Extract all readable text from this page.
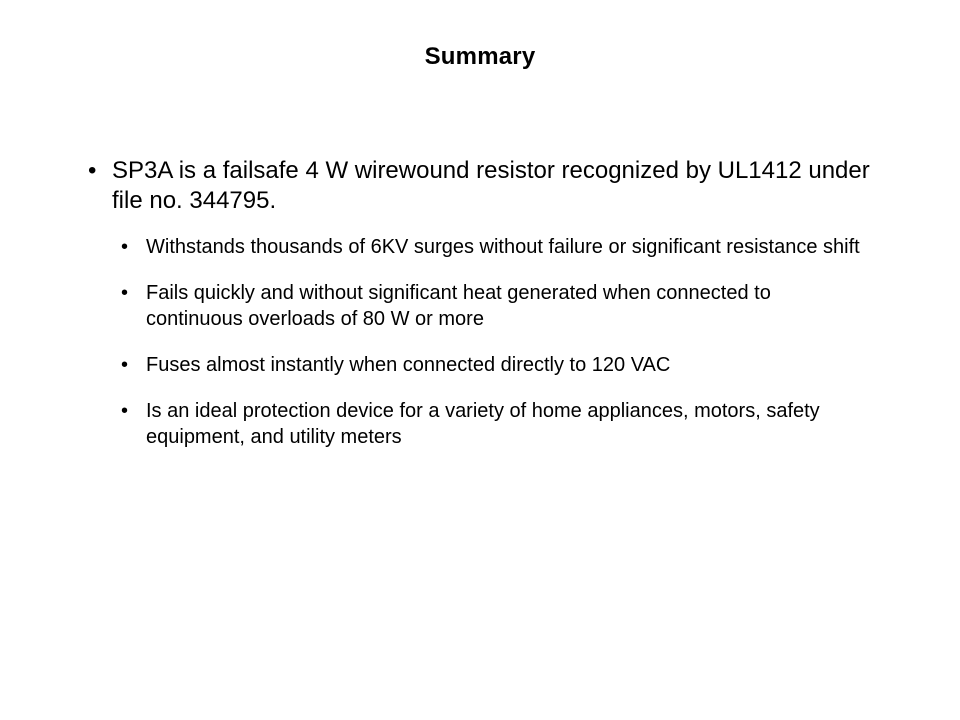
Summary
• SP3A is a failsafe 4 W wirewound resistor recognized by UL1412 under file no. 344795.
• Withstands thousands of 6KV surges without failure or significant resistance shift
• Fails quickly and without significant heat generated when connected to continuous overloads of 80 W or more
• Fuses almost instantly when connected directly to 120 VAC
• Is an ideal protection device for a variety of home appliances, motors, safety equipment, and utility meters
